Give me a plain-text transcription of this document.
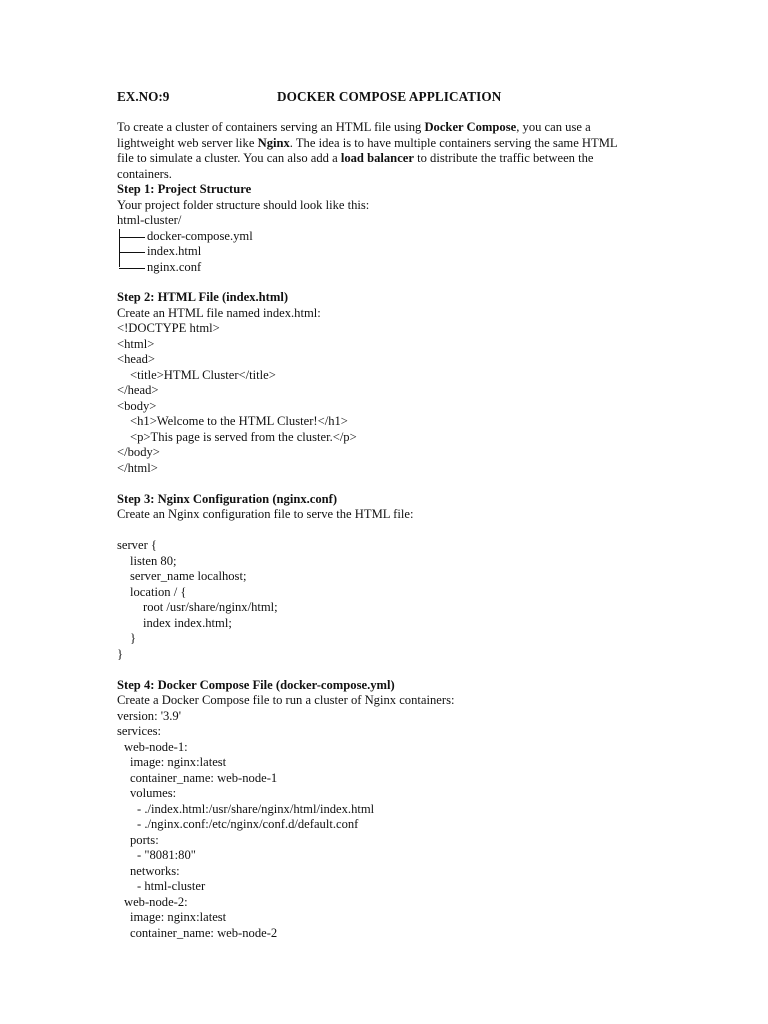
EX.NO:9	DOCKER COMPOSE APPLICATION

To create a cluster of containers serving an HTML file using Docker Compose, you can use a

lightweight web server like Nginx. The idea is to have multiple containers serving the same HTML

file to simulate a cluster. You can also add a load balancer to distribute the traffic between the

containers.

Step 1: Project Structure

Your project folder structure should look like this:

html-cluster/

docker-compose.yml
index.html
nginx.conf

Step 2: HTML File (index.html)

Create an HTML file named index.html:

<!DOCTYPE html>

<html>

<head>

<title>HTML Cluster</title>

</head>

<body>

<h1>Welcome to the HTML Cluster!</h1>

<p>This page is served from the cluster.</p>

</body>

</html>

Step 3: Nginx Configuration (nginx.conf)

Create an Nginx configuration file to serve the HTML file:

server {

listen 80;

server_name localhost;

location / {

root /usr/share/nginx/html;

index index.html;

}

}

Step 4: Docker Compose File (docker-compose.yml)

Create a Docker Compose file to run a cluster of Nginx containers:

version: '3.9'

services:

web-node-1:

image: nginx:latest

container_name: web-node-1

volumes:

- ./index.html:/usr/share/nginx/html/index.html

- ./nginx.conf:/etc/nginx/conf.d/default.conf

ports:

- "8081:80"

networks:

- html-cluster

web-node-2:

image: nginx:latest

container_name: web-node-2
